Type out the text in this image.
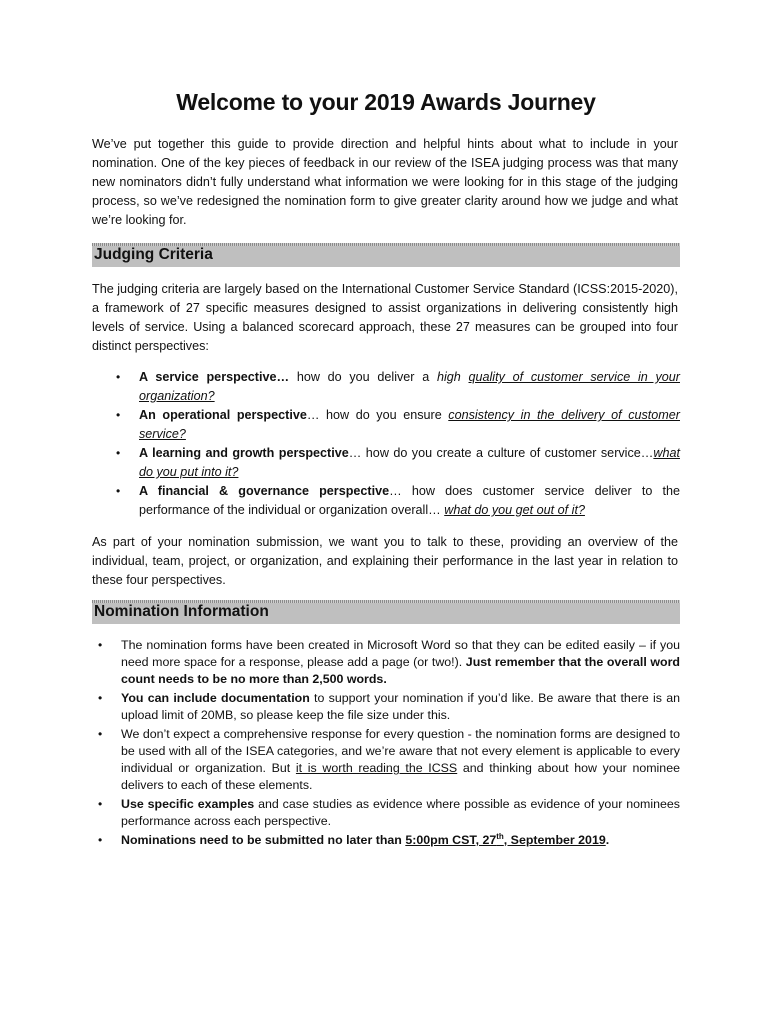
Welcome to your 2019 Awards Journey

We’ve put together this guide to provide direction and helpful hints about what to include in your nomination. One of the key pieces of feedback in our review of the ISEA judging process was that many new nominators didn’t fully understand what information we were looking for in this stage of the judging process, so we’ve redesigned the nomination form to give greater clarity around how we judge and what we’re looking for.

Judging Criteria

The judging criteria are largely based on the International Customer Service Standard (ICSS:2015-2020), a framework of 27 specific measures designed to assist organizations in delivering consistently high levels of service. Using a balanced scorecard approach, these 27 measures can be grouped into four distinct perspectives:

• A service perspective… how do you deliver a high quality of customer service in your organization?
• An operational perspective… how do you ensure consistency in the delivery of customer service?
• A learning and growth perspective… how do you create a culture of customer service…what do you put into it?
• A financial & governance perspective… how does customer service deliver to the performance of the individual or organization overall… what do you get out of it?

As part of your nomination submission, we want you to talk to these, providing an overview of the individual, team, project, or organization, and explaining their performance in the last year in relation to these four perspectives.

Nomination Information
• The nomination forms have been created in Microsoft Word so that they can be edited easily – if you need more space for a response, please add a page (or two!). Just remember that the overall word count needs to be no more than 2,500 words.
• You can include documentation to support your nomination if you’d like. Be aware that there is an upload limit of 20MB, so please keep the file size under this.
• We don’t expect a comprehensive response for every question - the nomination forms are designed to be used with all of the ISEA categories, and we’re aware that not every element is applicable to every individual or organization. But it is worth reading the ICSS and thinking about how your nominee delivers to each of these elements.
• Use specific examples and case studies as evidence where possible as evidence of your nominees performance across each perspective.
• Nominations need to be submitted no later than 5:00pm CST, 27th, September 2019.
